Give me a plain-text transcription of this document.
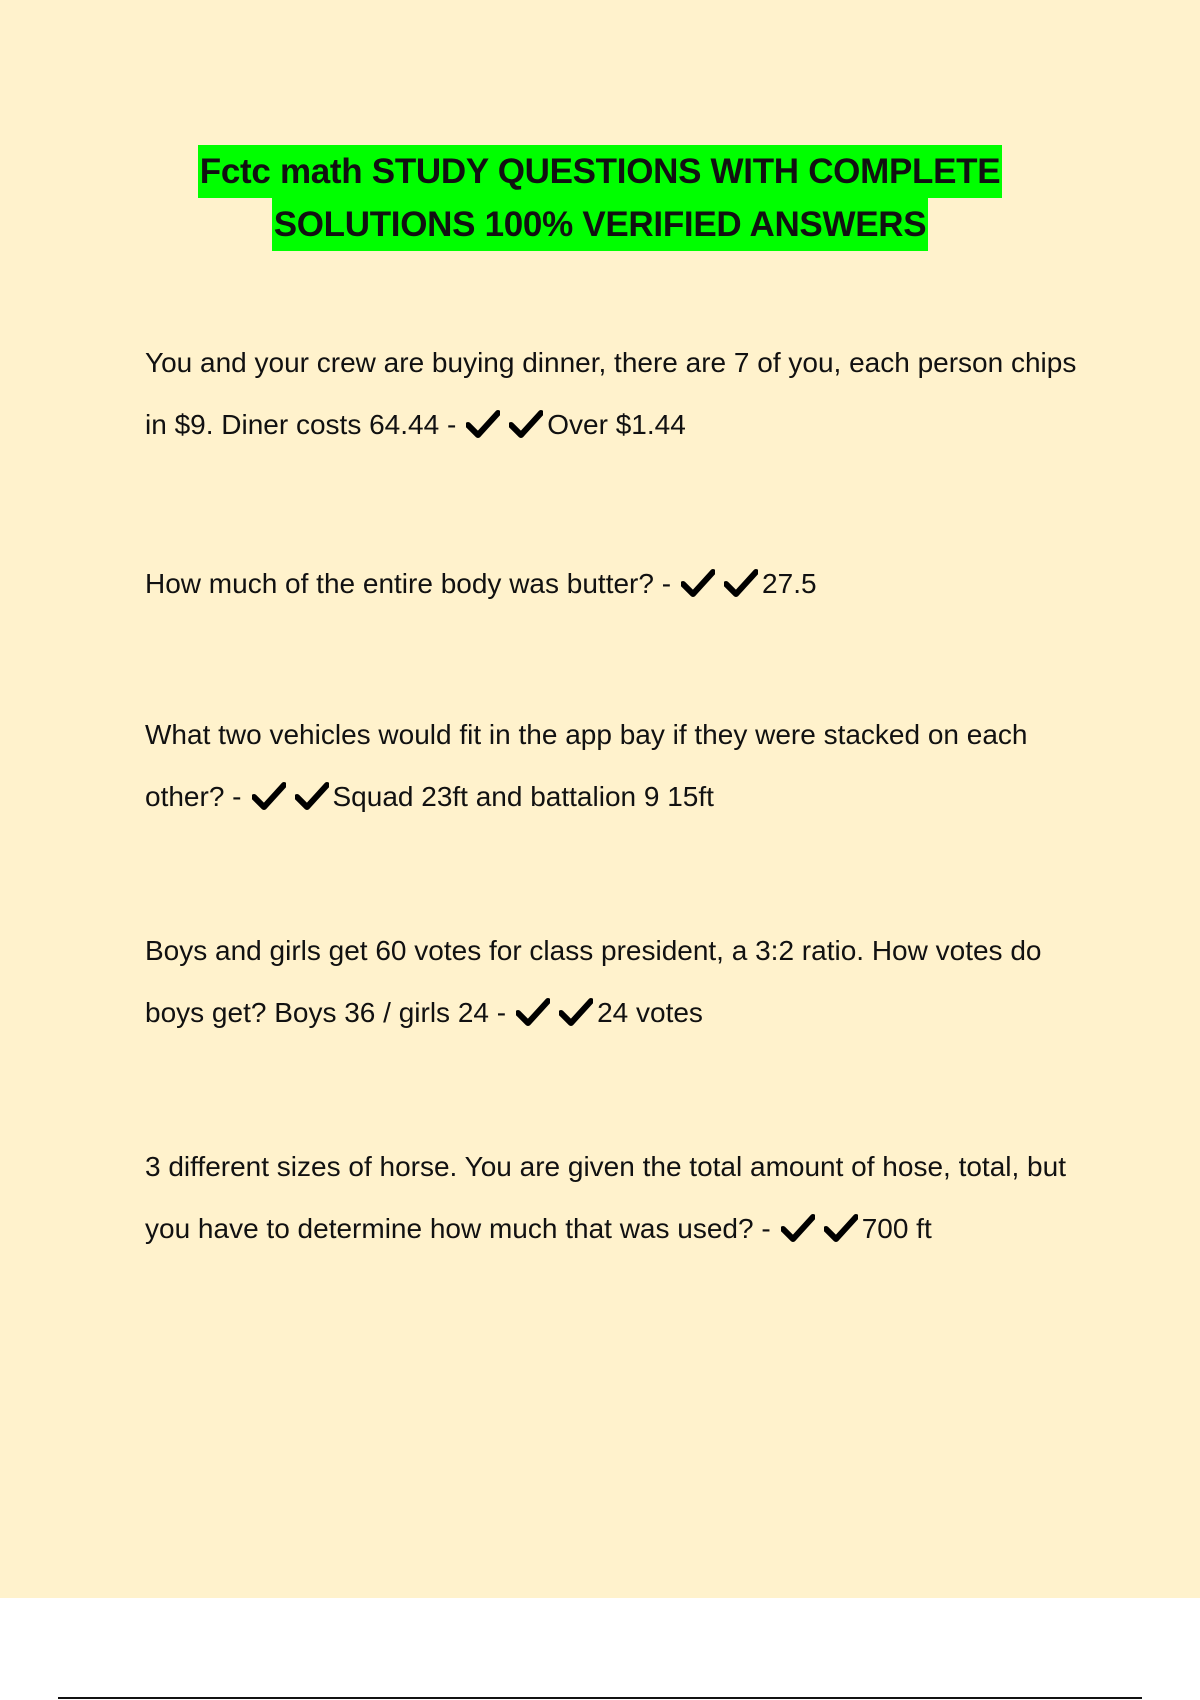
Fctc math STUDY QUESTIONS WITH COMPLETE
SOLUTIONS 100% VERIFIED ANSWERS
You and your crew are buying dinner, there are 7 of you, each person chips in $9. Diner costs 64.44 -	Over $1.44
How much of the entire body was butter? -	27.5
What two vehicles would fit in the app bay if they were stacked on each other? -	Squad 23ft and battalion 9 15ft
Boys and girls get 60 votes for class president, a 3:2 ratio. How votes do boys get? Boys 36 / girls 24 -	24 votes
3 different sizes of horse. You are given the total amount of hose, total, but you have to determine how much that was used? -	700 ft
